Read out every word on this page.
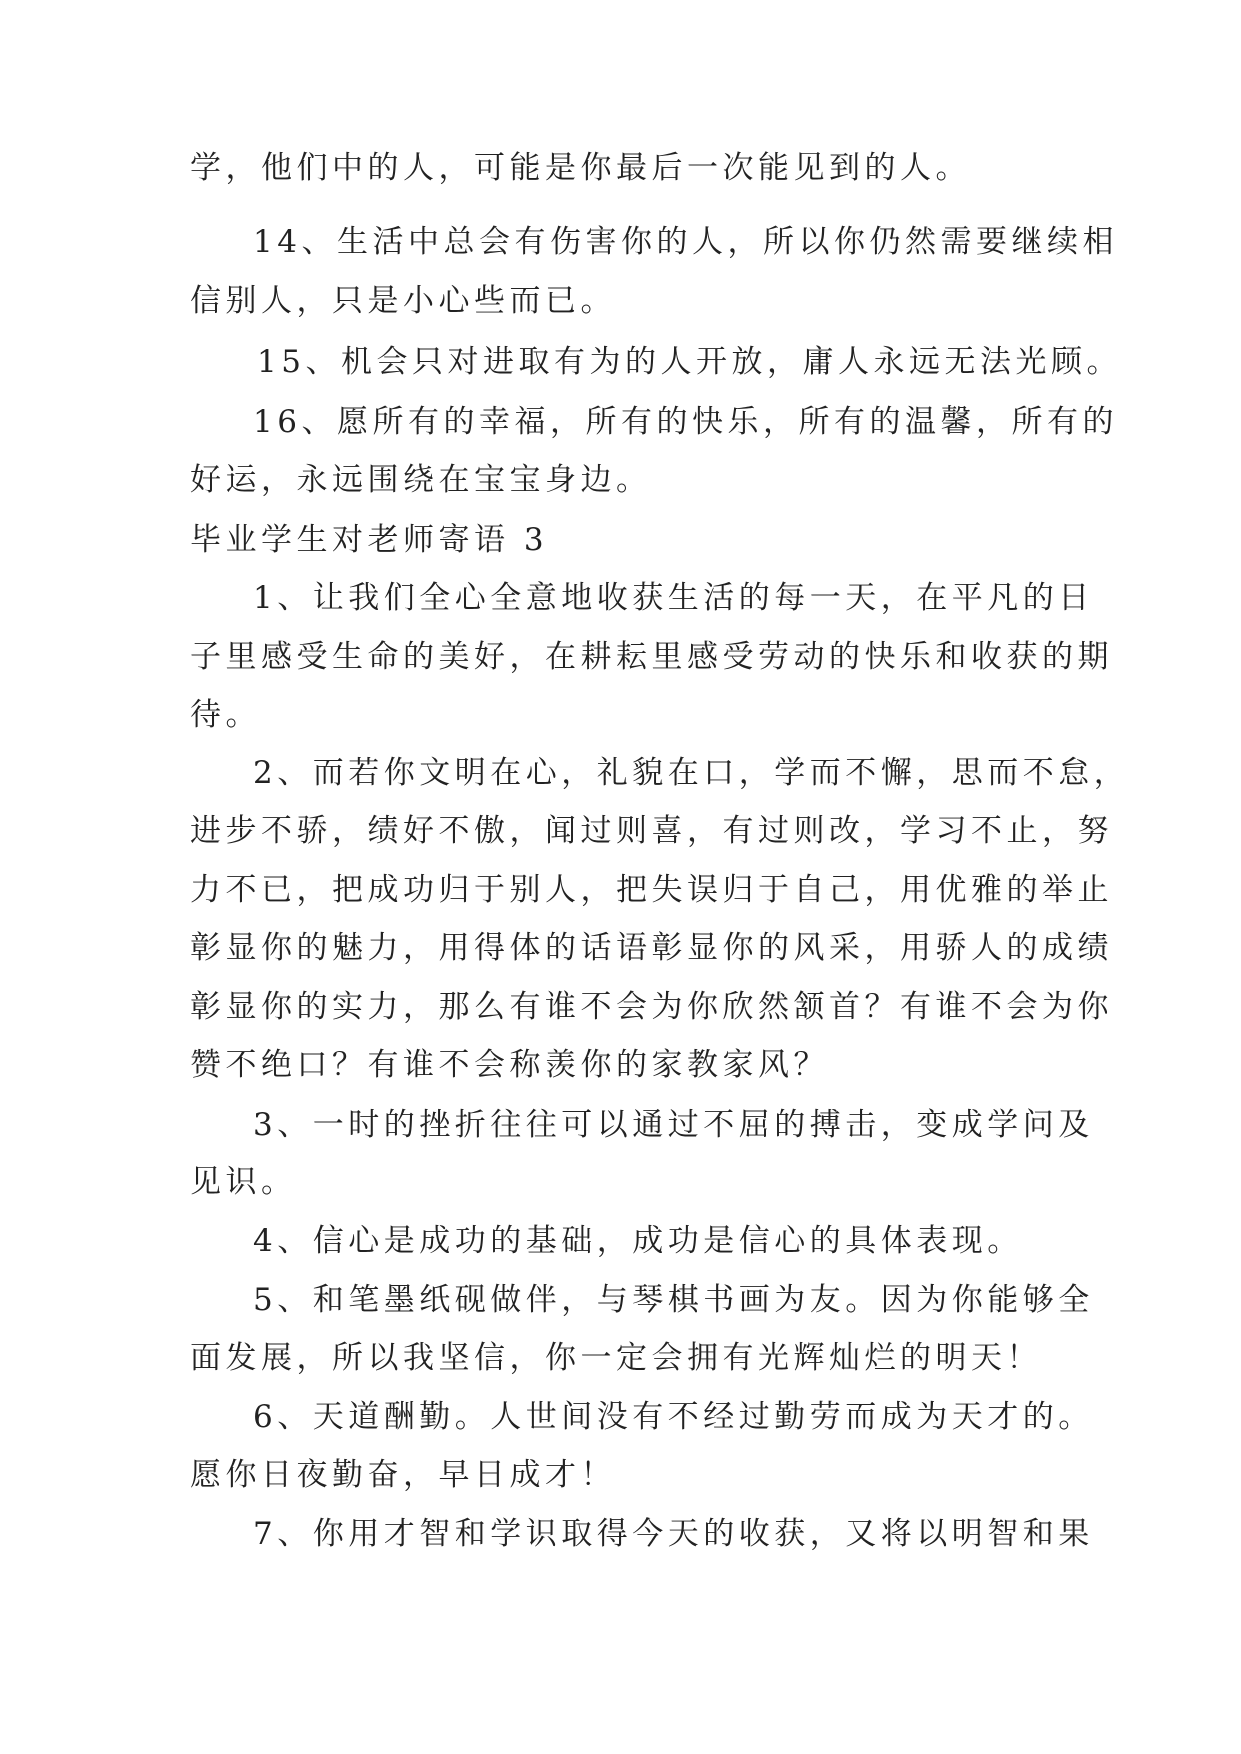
学，他们中的人，可能是你最后一次能见到的人。
14、生活中总会有伤害你的人，所以你仍然需要继续相
信别人，只是小心些而已。
15、机会只对进取有为的人开放，庸人永远无法光顾。
16、愿所有的幸福，所有的快乐，所有的温馨，所有的
好运，永远围绕在宝宝身边。
毕业学生对老师寄语 3
1、让我们全心全意地收获生活的每一天，在平凡的日
子里感受生命的美好，在耕耘里感受劳动的快乐和收获的期
待。
2、而若你文明在心，礼貌在口，学而不懈，思而不怠，
进步不骄，绩好不傲，闻过则喜，有过则改，学习不止，努
力不已，把成功归于别人，把失误归于自己，用优雅的举止
彰显你的魅力，用得体的话语彰显你的风采，用骄人的成绩
彰显你的实力，那么有谁不会为你欣然颔首？有谁不会为你
赞不绝口？有谁不会称羡你的家教家风？
3、一时的挫折往往可以通过不屈的搏击，变成学问及
见识。
4、信心是成功的基础，成功是信心的具体表现。
5、和笔墨纸砚做伴，与琴棋书画为友。因为你能够全
面发展，所以我坚信，你一定会拥有光辉灿烂的明天！
6、天道酬勤。人世间没有不经过勤劳而成为天才的。
愿你日夜勤奋，早日成才！
7、你用才智和学识取得今天的收获，又将以明智和果
